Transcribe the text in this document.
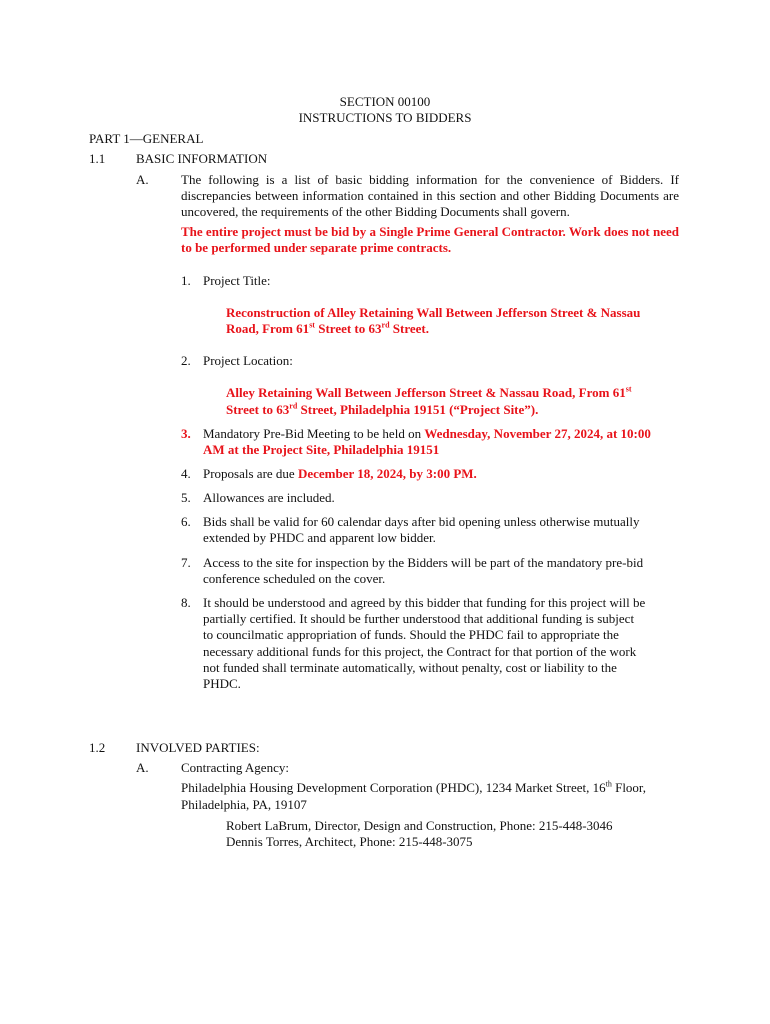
SECTION 00100
INSTRUCTIONS TO BIDDERS
PART 1—GENERAL
1.1 BASIC INFORMATION
A. The following is a list of basic bidding information for the convenience of Bidders. If discrepancies between information contained in this section and other Bidding Documents are uncovered, the requirements of the other Bidding Documents shall govern.
The entire project must be bid by a Single Prime General Contractor. Work does not need to be performed under separate prime contracts.
1. Project Title:
Reconstruction of Alley Retaining Wall Between Jefferson Street & Nassau
Road, From 61st Street to 63rd Street.
2. Project Location:
Alley Retaining Wall Between Jefferson Street & Nassau Road, From 61st
Street to 63rd Street, Philadelphia 19151 (“Project Site”).
3. Mandatory Pre-Bid Meeting to be held on Wednesday, November 27, 2024, at 10:00
AM at the Project Site, Philadelphia 19151
4. Proposals are due December 18, 2024, by 3:00 PM.
5. Allowances are included.
6. Bids shall be valid for 60 calendar days after bid opening unless otherwise mutually
extended by PHDC and apparent low bidder.
7. Access to the site for inspection by the Bidders will be part of the mandatory pre-bid
conference scheduled on the cover.
8. It should be understood and agreed by this bidder that funding for this project will be
partially certified. It should be further understood that additional funding is subject
to councilmatic appropriation of funds. Should the PHDC fail to appropriate the
necessary additional funds for this project, the Contract for that portion of the work
not funded shall terminate automatically, without penalty, cost or liability to the
PHDC.
1.2 INVOLVED PARTIES:
A. Contracting Agency:
Philadelphia Housing Development Corporation (PHDC), 1234 Market Street, 16th Floor,
Philadelphia, PA, 19107
Robert LaBrum, Director, Design and Construction, Phone: 215-448-3046
Dennis Torres, Architect, Phone: 215-448-3075
